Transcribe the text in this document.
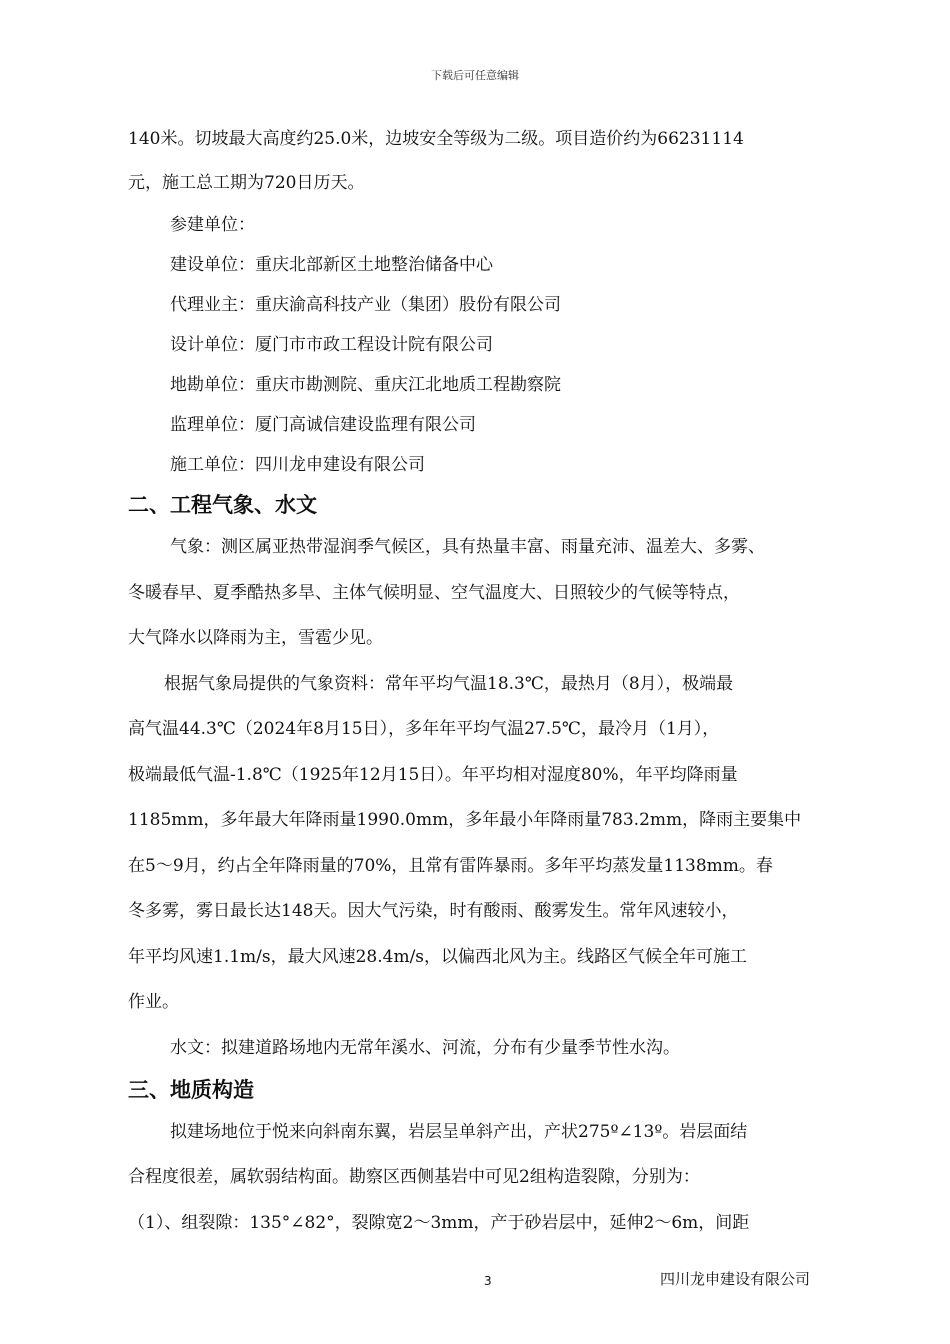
下载后可任意编辑

140米。切坡最大高度约25.0米，边坡安全等级为二级。项目造价约为66231114

元，施工总工期为720日历天。

参建单位：

建设单位：重庆北部新区土地整治储备中心

代理业主：重庆渝高科技产业（集团）股份有限公司

设计单位：厦门市市政工程设计院有限公司

地勘单位：重庆市勘测院、重庆江北地质工程勘察院

监理单位：厦门高诚信建设监理有限公司

施工单位：四川龙申建设有限公司

二、工程气象、水文

气象：测区属亚热带湿润季气候区，具有热量丰富、雨量充沛、温差大、多雾、

冬暖春早、夏季酷热多旱、主体气候明显、空气温度大、日照较少的气候等特点，

大气降水以降雨为主，雪雹少见。

根据气象局提供的气象资料：常年平均气温18.3℃，最热月（8月），极端最

高气温44.3℃（2024年8月15日），多年年平均气温27.5℃，最冷月（1月），

极端最低气温-1.8℃（1925年12月15日）。年平均相对湿度80%，年平均降雨量

1185mm，多年最大年降雨量1990.0mm，多年最小年降雨量783.2mm，降雨主要集中

在5～9月，约占全年降雨量的70%，且常有雷阵暴雨。多年平均蒸发量1138mm。春

冬多雾，雾日最长达148天。因大气污染，时有酸雨、酸雾发生。常年风速较小，

年平均风速1.1m/s，最大风速28.4m/s，以偏西北风为主。线路区气候全年可施工

作业。

水文：拟建道路场地内无常年溪水、河流，分布有少量季节性水沟。

三、地质构造

拟建场地位于悦来向斜南东翼，岩层呈单斜产出，产状275º∠13º。岩层面结

合程度很差，属软弱结构面。勘察区西侧基岩中可见2组构造裂隙，分别为：

（1）、组裂隙：135°∠82°，裂隙宽2～3mm，产于砂岩层中，延伸2～6m，间距

3	四川龙申建设有限公司
